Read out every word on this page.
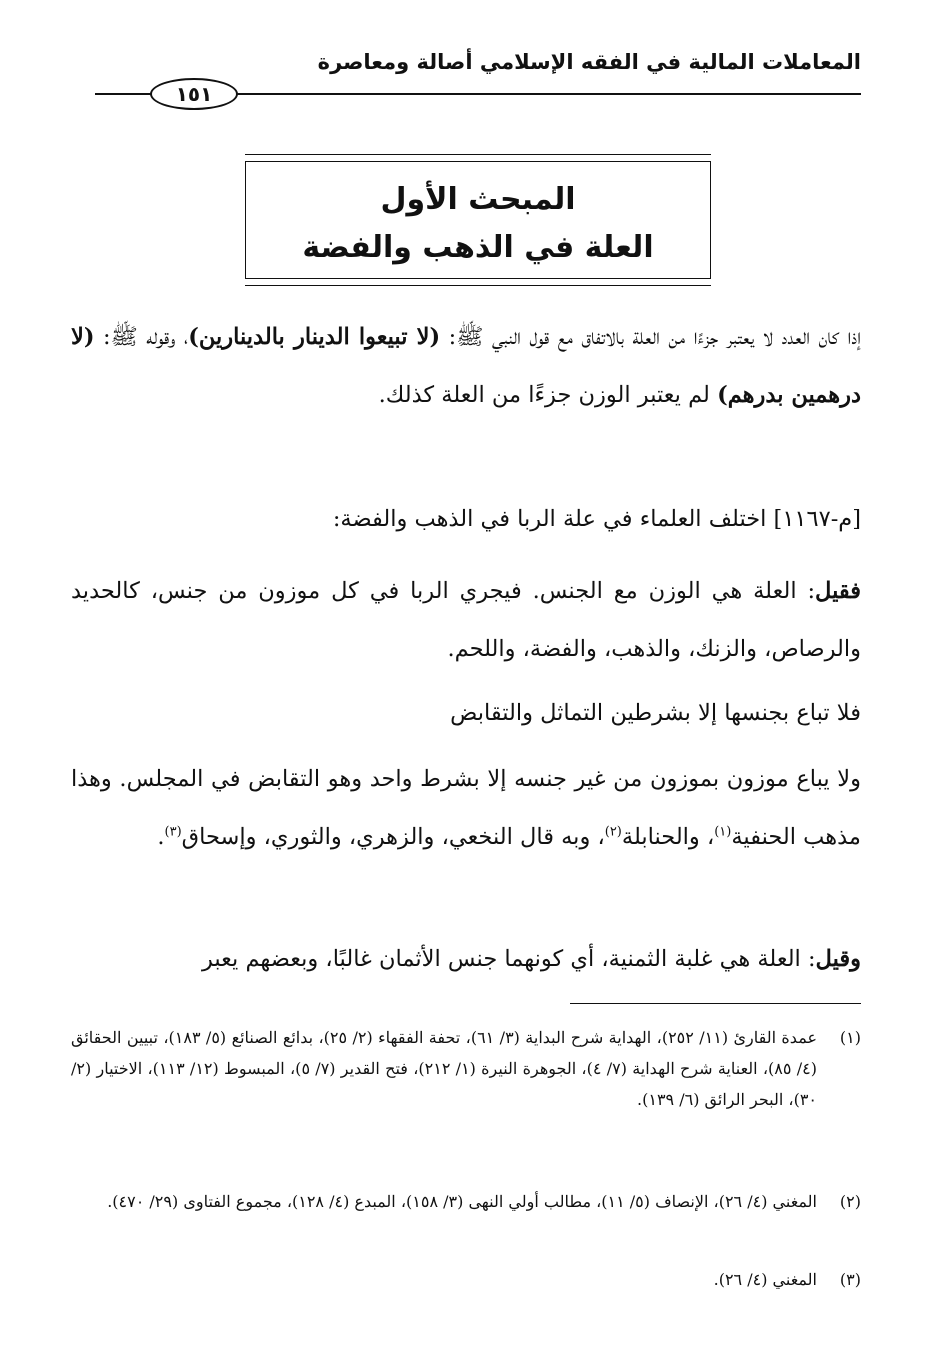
المعاملات المالية في الفقه الإسلامي أصالة ومعاصرة
١٥١
المبحث الأول
العلة في الذهب والفضة
إذا كان العدد لا يعتبر جزءًا من العلة بالاتفاق مع قول النبي ﷺ: (لا تبيعوا الدينار بالدينارين)، وقوله ﷺ: (لا درهمين بدرهم) لم يعتبر الوزن جزءًا من العلة كذلك.
[م-١١٦٧] اختلف العلماء في علة الربا في الذهب والفضة:
فقيل: العلة هي الوزن مع الجنس. فيجري الربا في كل موزون من جنس، كالحديد والرصاص، والزنك، والذهب، والفضة، واللحم.
فلا تباع بجنسها إلا بشرطين التماثل والتقابض
ولا يباع موزون بموزون من غير جنسه إلا بشرط واحد وهو التقابض في المجلس. وهذا مذهب الحنفية$^{(١)}$، والحنابلة$^{(٢)}$، وبه قال النخعي، والزهري، والثوري، وإسحاق$^{(٣)}$.
وقيل: العلة هي غلبة الثمنية، أي كونهما جنس الأثمان غالبًا، وبعضهم يعبر
(١)
عمدة القارئ (١١/ ٢٥٢)، الهداية شرح البداية (٣/ ٦١)، تحفة الفقهاء (٢/ ٢٥)، بدائع الصنائع (٥/ ١٨٣)، تبيين الحقائق (٤/ ٨٥)، العناية شرح الهداية (٧/ ٤)، الجوهرة النيرة (١/ ٢١٢)، فتح القدير (٧/ ٥)، المبسوط (١٢/ ١١٣)، الاختيار (٢/ ٣٠)، البحر الرائق (٦/ ١٣٩).
(٢)
المغني (٤/ ٢٦)، الإنصاف (٥/ ١١)، مطالب أولي النهى (٣/ ١٥٨)، المبدع (٤/ ١٢٨)، مجموع الفتاوى (٢٩/ ٤٧٠).
(٣)
المغني (٤/ ٢٦).
